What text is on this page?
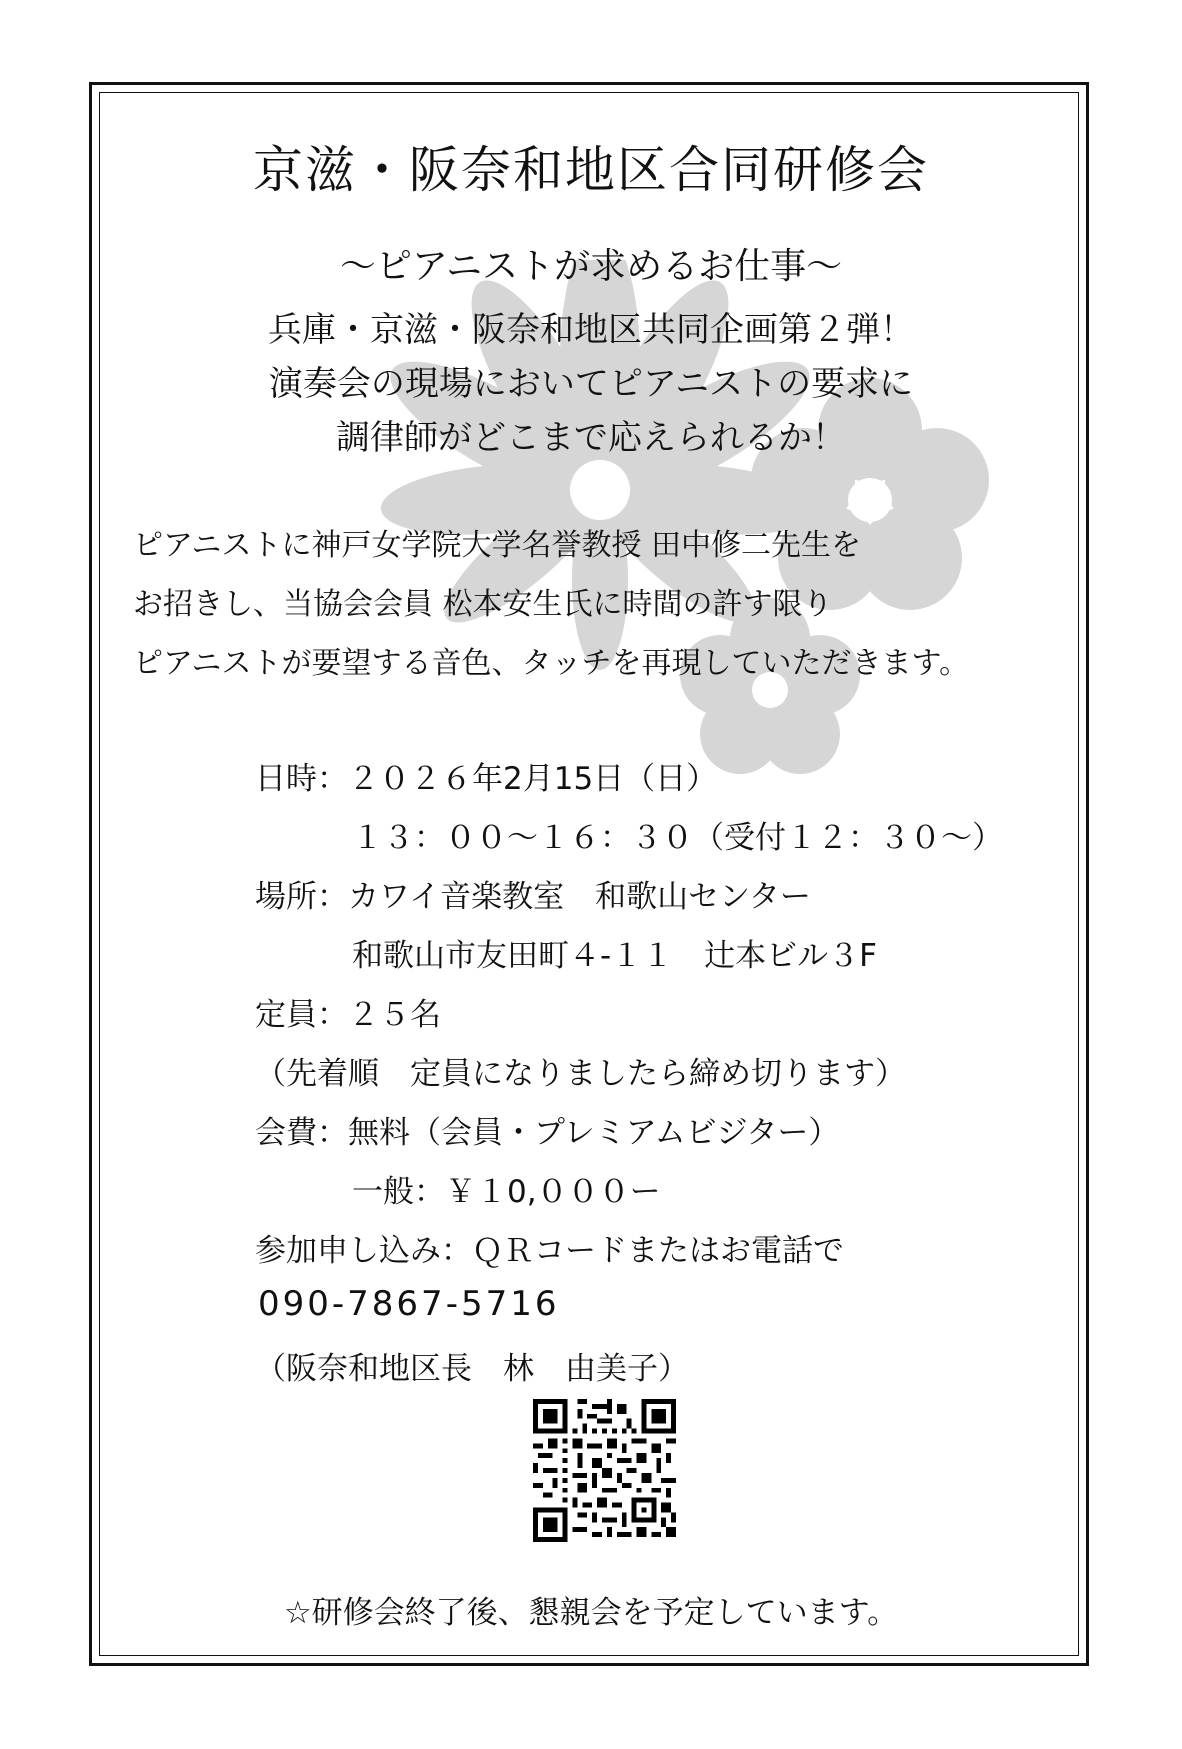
京滋・阪奈和地区合同研修会
～ピアニストが求めるお仕事～
兵庫・京滋・阪奈和地区共同企画第２弾！
演奏会の現場においてピアニストの要求に
調律師がどこまで応えられるか！
ピアニストに神戸女学院大学名誉教授 田中修二先生を
お招きし、当協会会員 松本安生氏に時間の許す限り
ピアニストが要望する音色、タッチを再現していただきます。
日時：２０２６年2月15日（日）
１３：００～１６：３０（受付１２：３０～）
場所：カワイ音楽教室　和歌山センター
和歌山市友田町４-１１　辻本ビル３F
定員：２５名
（先着順　定員になりましたら締め切ります）
会費：無料（会員・プレミアムビジター）
一般：￥１0,０００ー
参加申し込み：ＱＲコードまたはお電話で
090-7867-5716
（阪奈和地区長　林　由美子）
☆研修会終了後、懇親会を予定しています。
